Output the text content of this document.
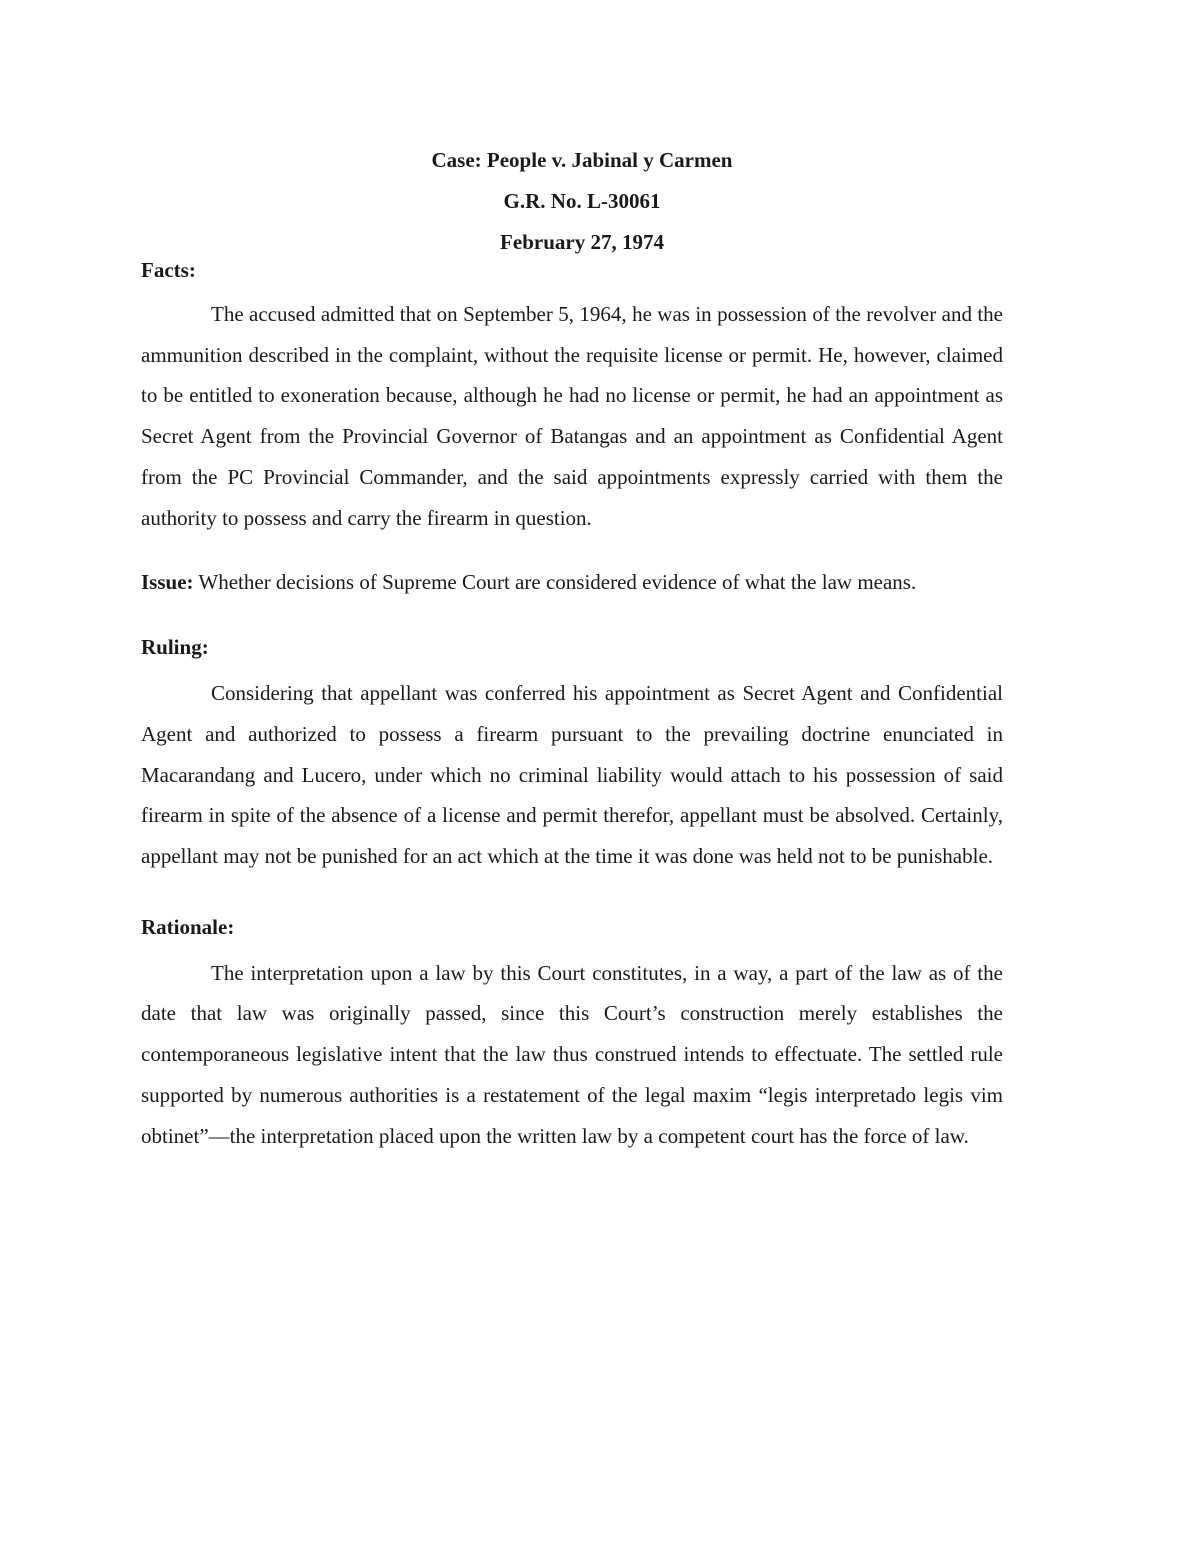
Case: People v. Jabinal y Carmen
G.R. No. L-30061
February 27, 1974
Facts:

The accused admitted that on September 5, 1964, he was in possession of the revolver and the ammunition described in the complaint, without the requisite license or permit. He, however, claimed to be entitled to exoneration because, although he had no license or permit, he had an appointment as Secret Agent from the Provincial Governor of Batangas and an appointment as Confidential Agent from the PC Provincial Commander, and the said appointments expressly carried with them the authority to possess and carry the firearm in question.

Issue: Whether decisions of Supreme Court are considered evidence of what the law means.

Ruling:

Considering that appellant was conferred his appointment as Secret Agent and Confidential Agent and authorized to possess a firearm pursuant to the prevailing doctrine enunciated in Macarandang and Lucero, under which no criminal liability would attach to his possession of said firearm in spite of the absence of a license and permit therefor, appellant must be absolved. Certainly, appellant may not be punished for an act which at the time it was done was held not to be punishable.

Rationale:

The interpretation upon a law by this Court constitutes, in a way, a part of the law as of the date that law was originally passed, since this Court’s construction merely establishes the contemporaneous legislative intent that the law thus construed intends to effectuate. The settled rule supported by numerous authorities is a restatement of the legal maxim “legis interpretado legis vim obtinet”—the interpretation placed upon the written law by a competent court has the force of law.
